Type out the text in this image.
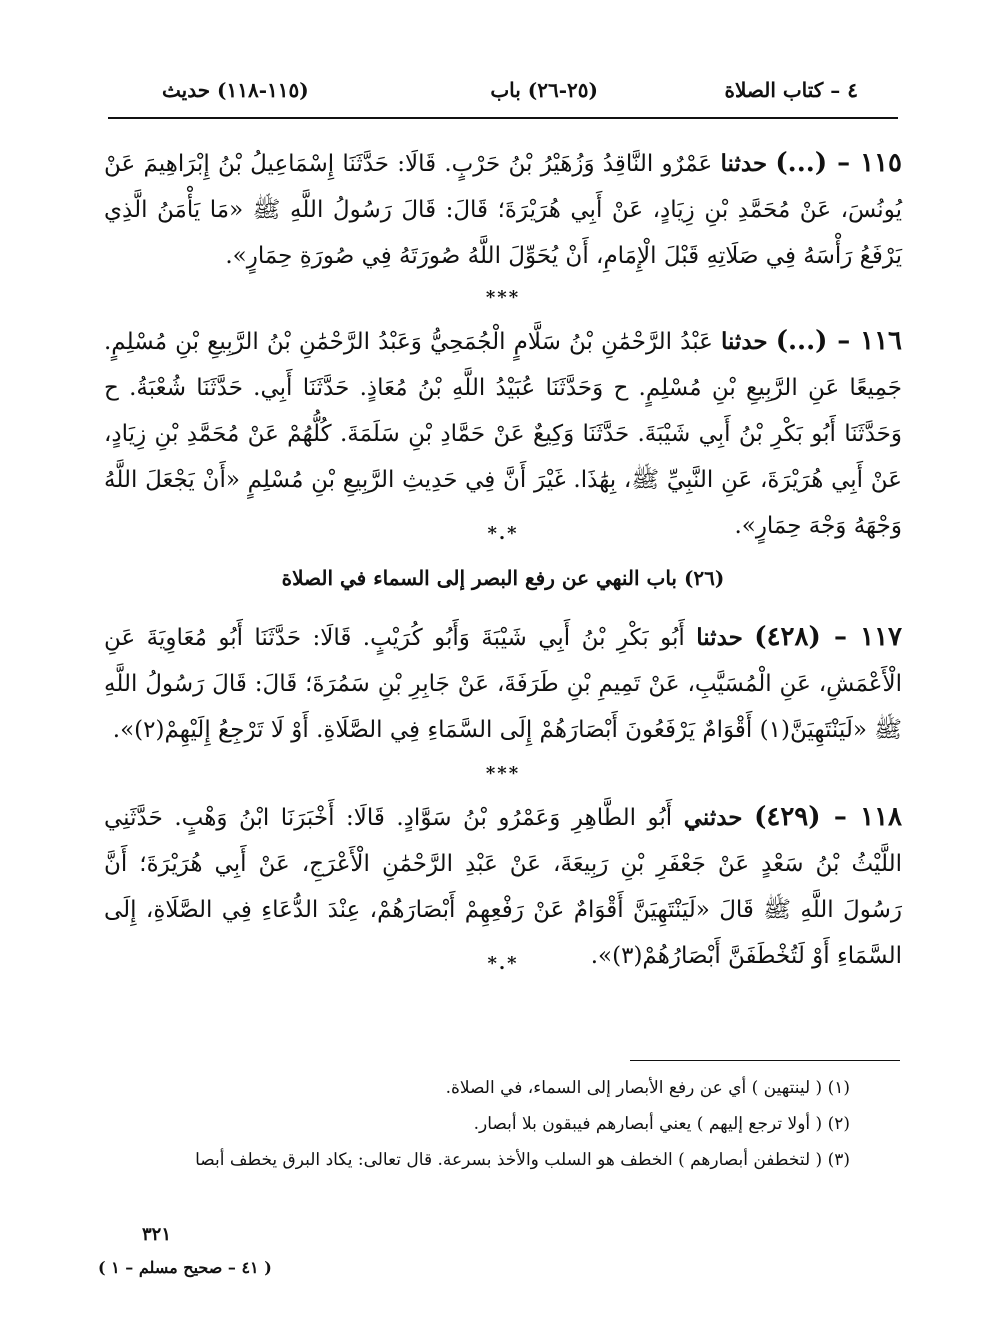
٤ – كتاب الصلاة
(٢٥-٢٦) باب
(١١٥-١١٨) حديث

١١٥ – (...) حدثنا عَمْرٌو النَّاقِدُ وَزُهَيْرُ بْنُ حَرْبٍ. قَالَا: حَدَّثَنَا إِسْمَاعِيلُ بْنُ إِبْرَاهِيمَ عَنْ يُونُسَ، عَنْ مُحَمَّدِ بْنِ زِيَادٍ، عَنْ أَبِي هُرَيْرَةَ؛ قَالَ: قَالَ رَسُولُ اللَّهِ ﷺ «مَا يَأْمَنُ الَّذِي يَرْفَعُ رَأْسَهُ فِي صَلَاتِهِ قَبْلَ الْإِمَامِ، أَنْ يُحَوِّلَ اللَّهُ صُورَتَهُ فِي صُورَةِ حِمَارٍ».

***

١١٦ – (...) حدثنا عَبْدُ الرَّحْمَٰنِ بْنُ سَلَّامٍ الْجُمَحِيُّ وَعَبْدُ الرَّحْمَٰنِ بْنُ الرَّبِيعِ بْنِ مُسْلِمٍ. جَمِيعًا عَنِ الرَّبِيعِ بْنِ مُسْلِمٍ. ح وَحَدَّثَنَا عُبَيْدُ اللَّهِ بْنُ مُعَاذٍ. حَدَّثَنَا أَبِي. حَدَّثَنَا شُعْبَةُ. ح وَحَدَّثَنَا أَبُو بَكْرِ بْنُ أَبِي شَيْبَةَ. حَدَّثَنَا وَكِيعٌ عَنْ حَمَّادِ بْنِ سَلَمَةَ. كُلُّهُمْ عَنْ مُحَمَّدِ بْنِ زِيَادٍ، عَنْ أَبِي هُرَيْرَةَ، عَنِ النَّبِيِّ ﷺ، بِهَٰذَا. غَيْرَ أَنَّ فِي حَدِيثِ الرَّبِيعِ بْنِ مُسْلِمٍ «أَنْ يَجْعَلَ اللَّهُ وَجْهَهُ وَجْهَ حِمَارٍ».

*.*
(٢٦) باب النهي عن رفع البصر إلى السماء في الصلاة

١١٧ – (٤٢٨) حدثنا أَبُو بَكْرِ بْنُ أَبِي شَيْبَةَ وَأَبُو كُرَيْبٍ. قَالَا: حَدَّثَنَا أَبُو مُعَاوِيَةَ عَنِ الْأَعْمَشِ، عَنِ الْمُسَيَّبِ، عَنْ تَمِيمِ بْنِ طَرَفَةَ، عَنْ جَابِرِ بْنِ سَمُرَةَ؛ قَالَ: قَالَ رَسُولُ اللَّهِ ﷺ «لَيَنْتَهِيَنَّ(١) أَقْوَامٌ يَرْفَعُونَ أَبْصَارَهُمْ إِلَى السَّمَاءِ فِي الصَّلَاةِ. أَوْ لَا تَرْجِعُ إِلَيْهِمْ(٢)».

***

١١٨ – (٤٢٩) حدثني أَبُو الطَّاهِرِ وَعَمْرُو بْنُ سَوَّادٍ. قَالَا: أَخْبَرَنَا ابْنُ وَهْبٍ. حَدَّثَنِي اللَّيْثُ بْنُ سَعْدٍ عَنْ جَعْفَرِ بْنِ رَبِيعَةَ، عَنْ عَبْدِ الرَّحْمَٰنِ الْأَعْرَجِ، عَنْ أَبِي هُرَيْرَةَ؛ أَنَّ رَسُولَ اللَّهِ ﷺ قَالَ «لَيَنْتَهِيَنَّ أَقْوَامٌ عَنْ رَفْعِهِمْ أَبْصَارَهُمْ، عِنْدَ الدُّعَاءِ فِي الصَّلَاةِ، إِلَى السَّمَاءِ أَوْ لَتُخْطَفَنَّ أَبْصَارُهُمْ(٣)».

*.*
(١) ( لينتهين ) أي عن رفع الأبصار إلى السماء، في الصلاة.
(٢) ( أولا ترجع إليهم ) يعني أبصارهم فيبقون بلا أبصار.
(٣) ( لتخطفن أبصارهم ) الخطف هو السلب والأخذ بسرعة. قال تعالى: يكاد البرق يخطف أبصا
٣٢١
( ٤١ – صحيح مسلم – ١ )
